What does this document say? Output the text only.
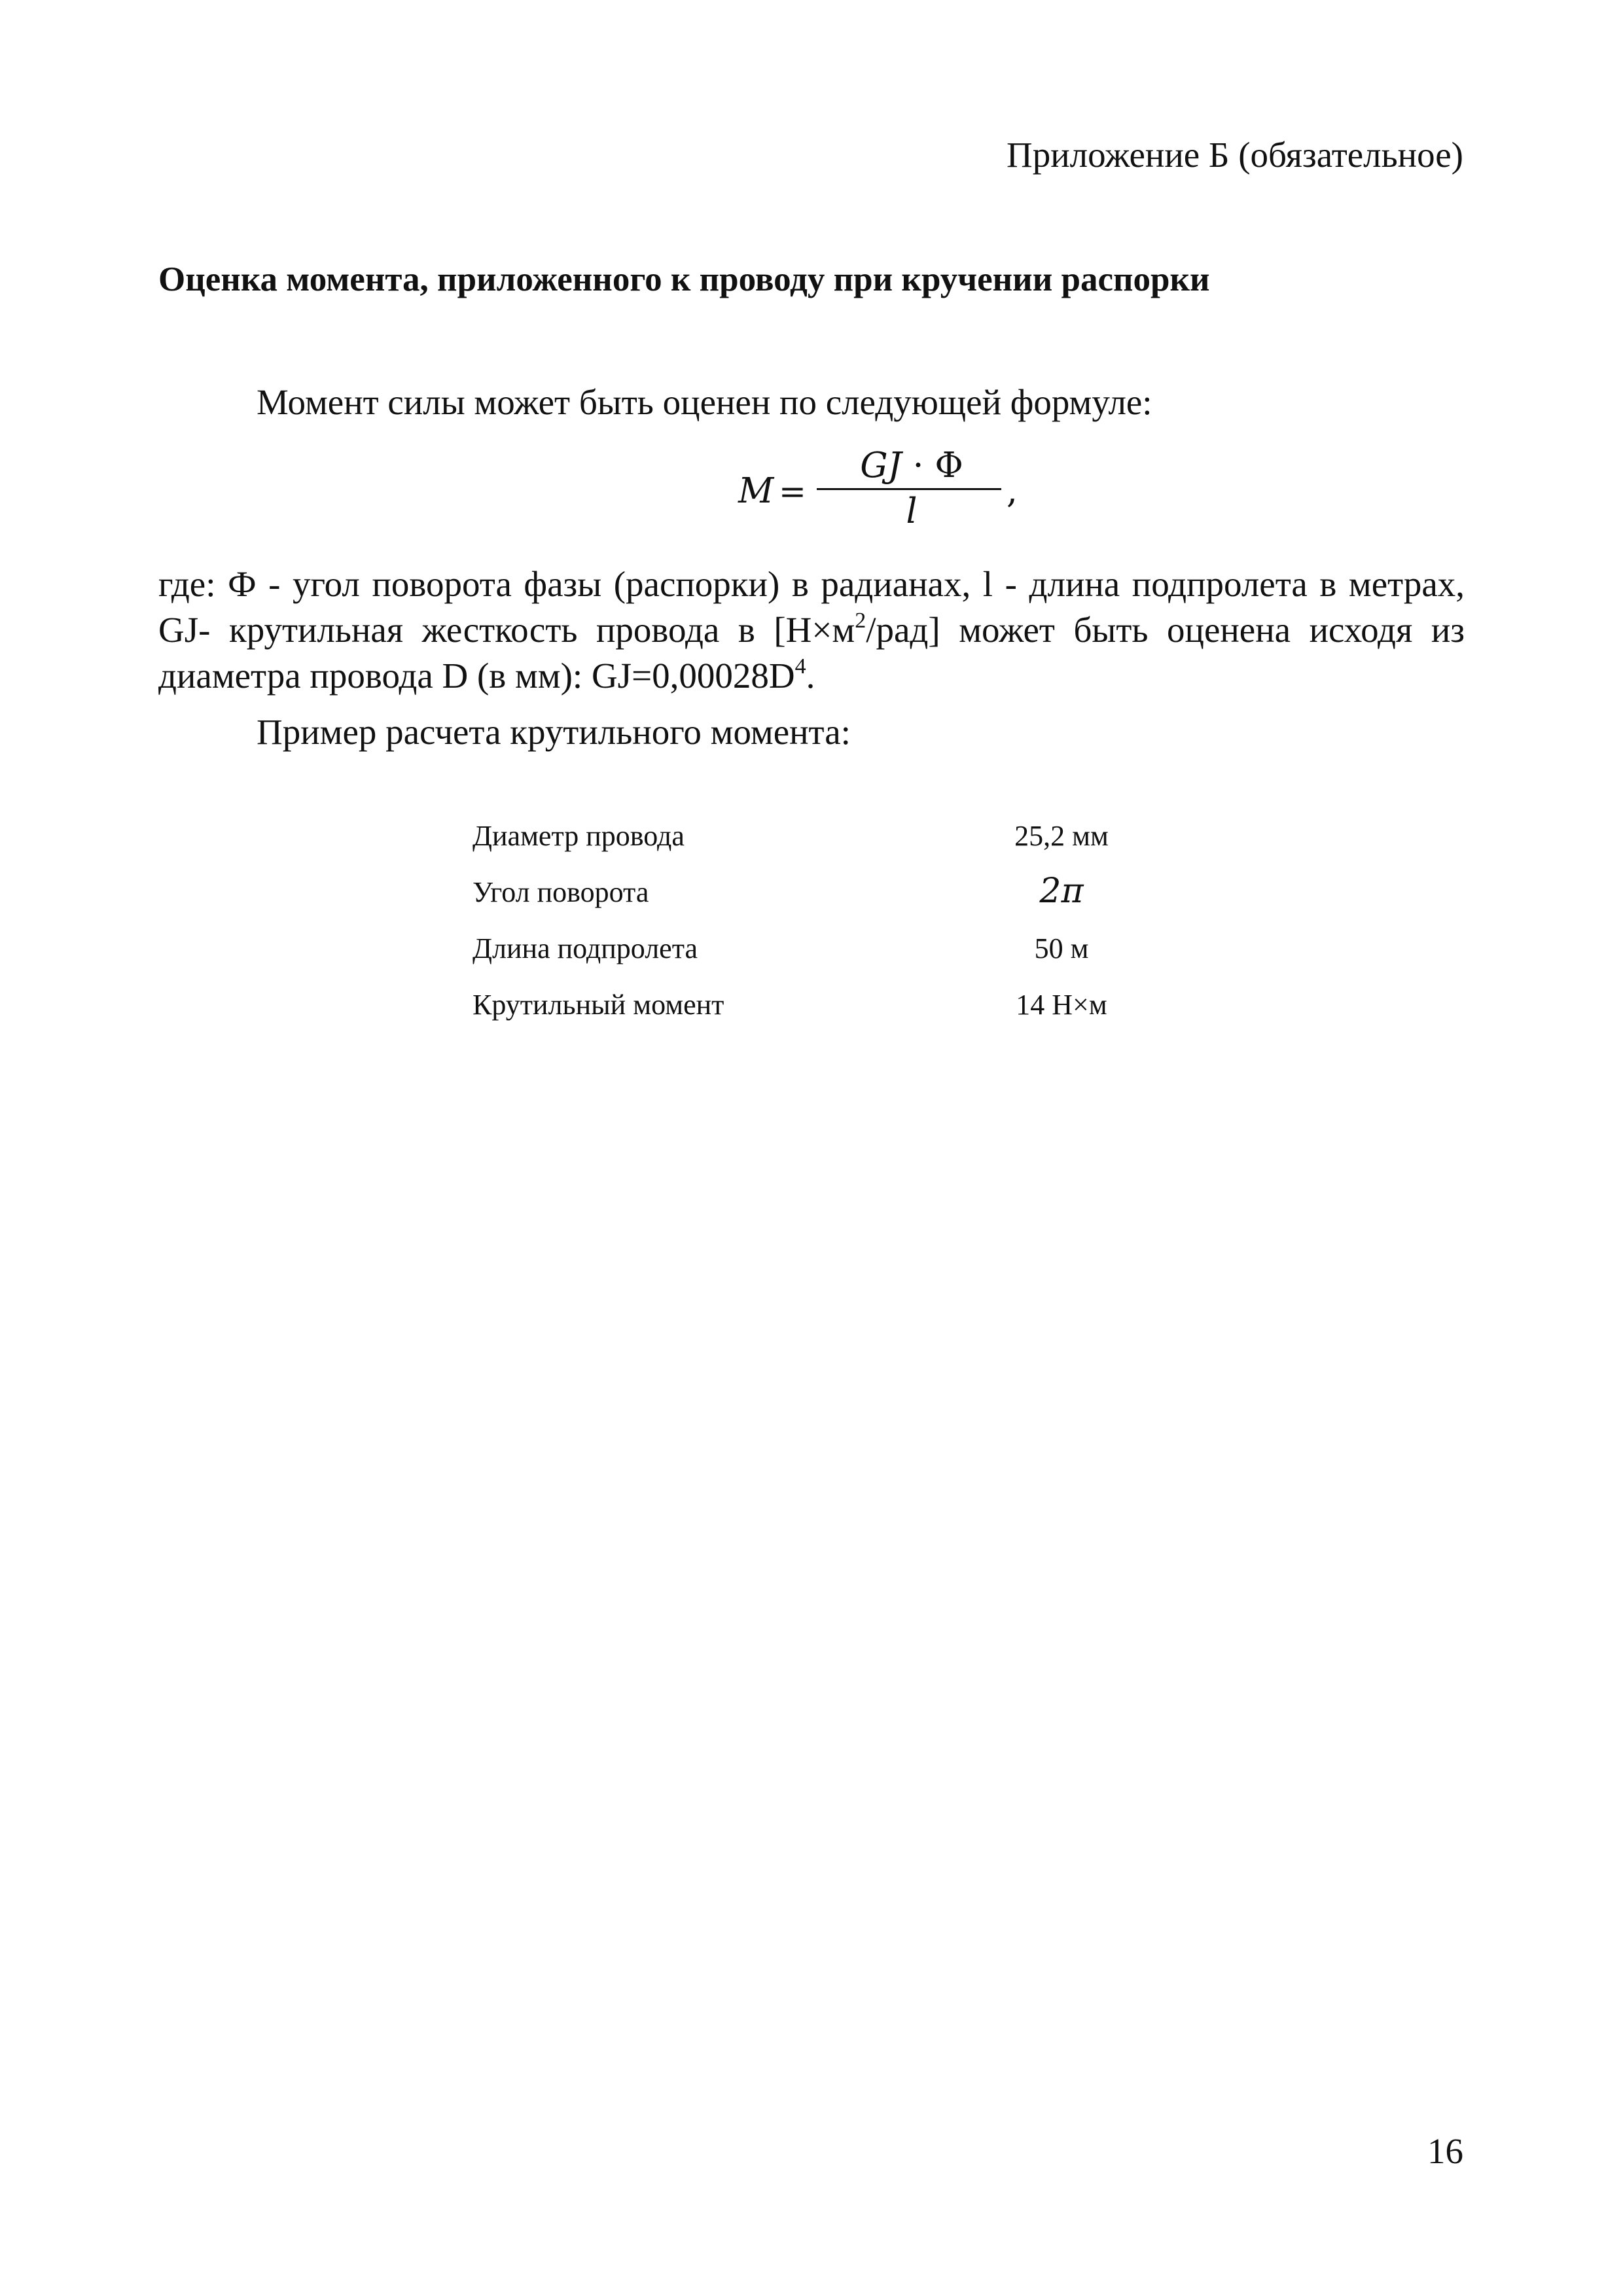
Приложение Б (обязательное)
Оценка момента, приложенного к проводу при кручении распорки
Момент силы может быть оценен по следующей формуле:
M =
GJ · Φ
l
,
где: Ф - угол поворота фазы (распорки) в радианах, l - длина подпролета в метрах, GJ- крутильная жесткость провода в $[Н\times м^2/рад]$ может быть оценена исходя из диаметра провода D (в мм): $GJ=0,00028D^4$.
Пример расчета крутильного момента:
Диаметр провода	25,2 мм
Угол поворота	2π
Длина подпролета	50 м
Крутильный момент	14 Н×м
16
